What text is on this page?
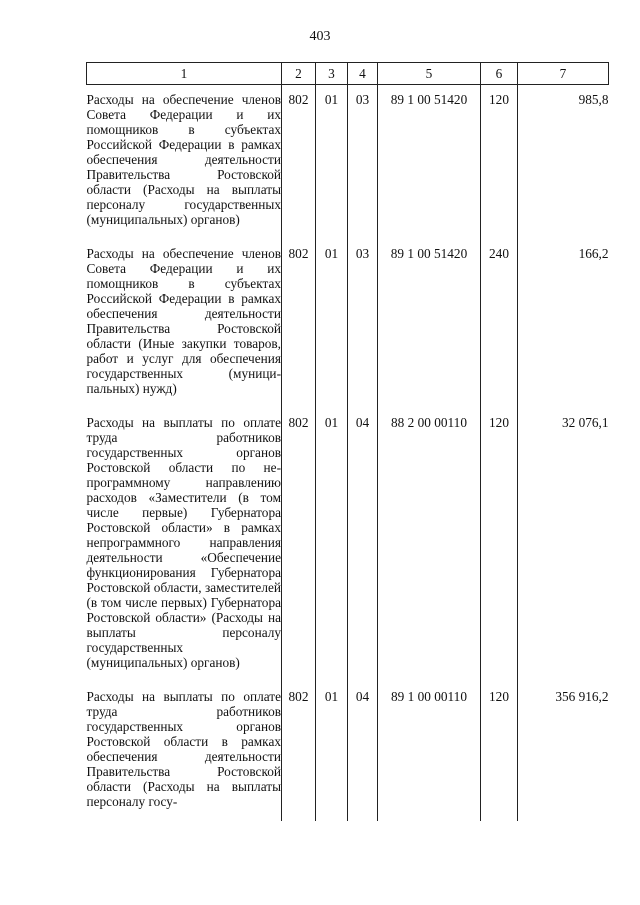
403
1	2	3	4	5	6	7
Расходы на обеспечение членов Совета Федерации и их помощников в субъектах Российской Федерации в рамках обеспечения деятельности Правительства Ростовской области (Расходы на выплаты персоналу государственных (муниципальных) органов)	802	01	03	89 1 00 51420	120	985,8
Расходы на обеспечение членов Совета Федерации и их помощников в субъектах Российской Федерации в рамках обеспечения деятельности Правительства Ростовской области (Иные закупки товаров, работ и услуг для обеспечения государственных (муниципальных) нужд)	802	01	03	89 1 00 51420	240	166,2
Расходы на выплаты по оплате труда работников государственных органов Ростовской области по непрограммному направлению расходов «Заместители (в том числе первые) Губернатора Ростовской области» в рамках непрограммного направления деятельности «Обеспечение функционирования Губернатора Ростовской области, заместителей (в том числе первых) Губернатора Ростовской области» (Расходы на выплаты персоналу государственных (муниципальных) органов)	802	01	04	88 2 00 00110	120	32 076,1
Расходы на выплаты по оплате труда работников государственных органов Ростовской области в рамках обеспечения деятельности Правительства Ростовской области (Расходы на выплаты персоналу госу-	802	01	04	89 1 00 00110	120	356 916,2
